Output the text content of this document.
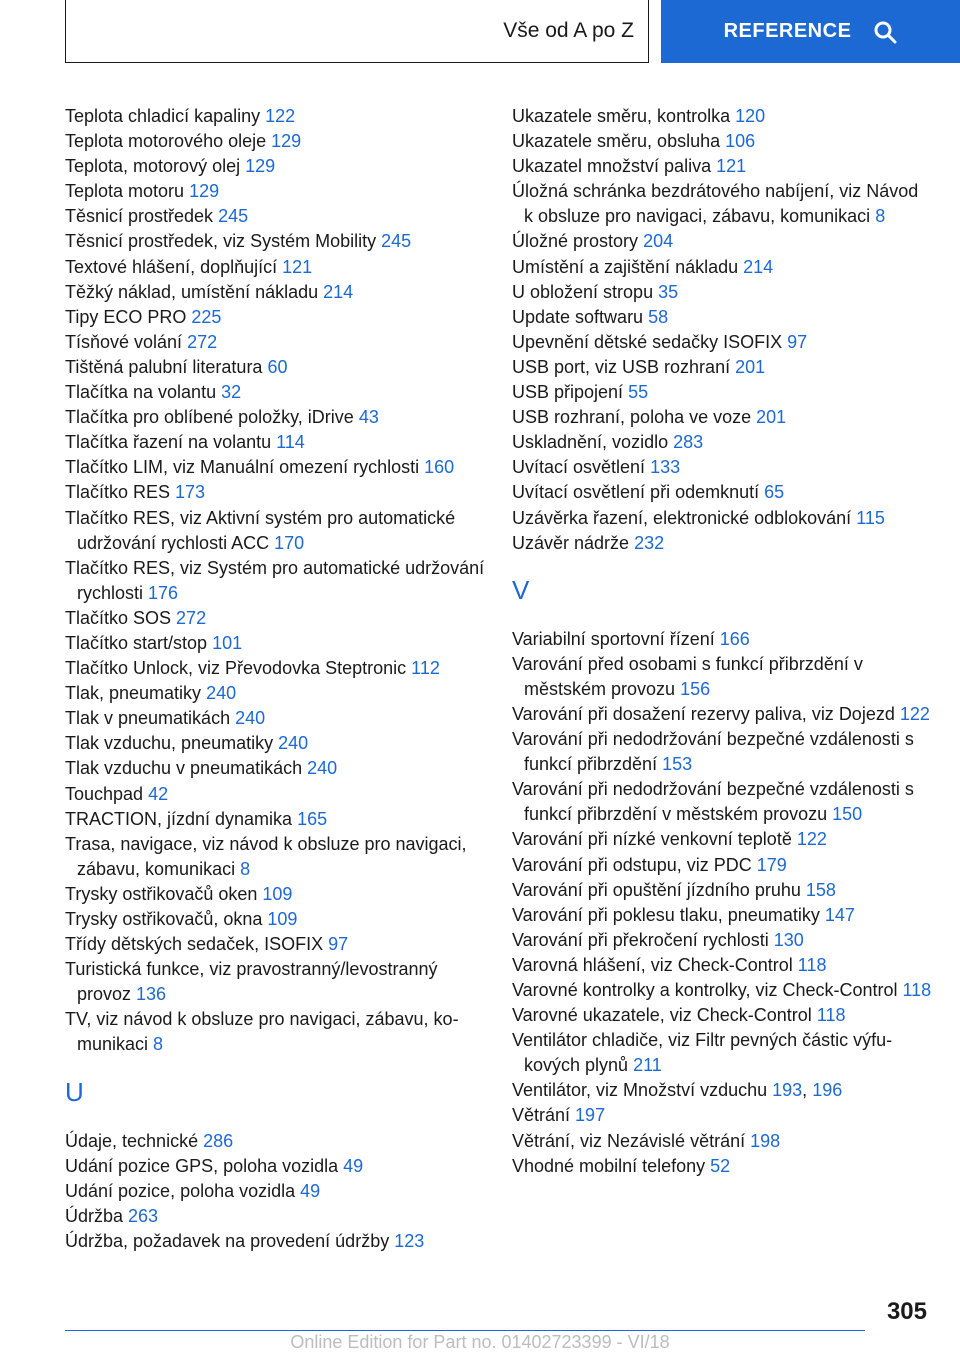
Vše od A po Z	REFERENCE
Teplota chladicí kapaliny 122
Teplota motorového oleje 129
Teplota, motorový olej 129
Teplota motoru 129
Těsnicí prostředek 245
Těsnicí prostředek, viz Systém Mobility 245
Textové hlášení, doplňující 121
Těžký náklad, umístění nákladu 214
Tipy ECO PRO 225
Tísňové volání 272
Tištěná palubní literatura 60
Tlačítka na volantu 32
Tlačítka pro oblíbené položky, iDrive 43
Tlačítka řazení na volantu 114
Tlačítko LIM, viz Manuální omezení rychlosti 160
Tlačítko RES 173
Tlačítko RES, viz Aktivní systém pro automatické udržování rychlosti ACC 170
Tlačítko RES, viz Systém pro automatické udržování rychlosti 176
Tlačítko SOS 272
Tlačítko start/stop 101
Tlačítko Unlock, viz Převodovka Steptronic 112
Tlak, pneumatiky 240
Tlak v pneumatikách 240
Tlak vzduchu, pneumatiky 240
Tlak vzduchu v pneumatikách 240
Touchpad 42
TRACTION, jízdní dynamika 165
Trasa, navigace, viz návod k obsluze pro navigaci, zábavu, komunikaci 8
Trysky ostřikovačů oken 109
Trysky ostřikovačů, okna 109
Třídy dětských sedaček, ISOFIX 97
Turistická funkce, viz pravostranný/levostranný provoz 136
TV, viz návod k obsluze pro navigaci, zábavu, komunikaci 8
U
Údaje, technické 286
Udání pozice GPS, poloha vozidla 49
Udání pozice, poloha vozidla 49
Údržba 263
Údržba, požadavek na provedení údržby 123
Ukazatele směru, kontrolka 120
Ukazatele směru, obsluha 106
Ukazatel množství paliva 121
Úložná schránka bezdrátového nabíjení, viz Návod k obsluze pro navigaci, zábavu, komunikaci 8
Úložné prostory 204
Umístění a zajištění nákladu 214
U obložení stropu 35
Update softwaru 58
Upevnění dětské sedačky ISOFIX 97
USB port, viz USB rozhraní 201
USB připojení 55
USB rozhraní, poloha ve voze 201
Uskladnění, vozidlo 283
Uvítací osvětlení 133
Uvítací osvětlení při odemknutí 65
Uzávěrka řazení, elektronické odblokování 115
Uzávěr nádrže 232
V
Variabilní sportovní řízení 166
Varování před osobami s funkcí přibrzdění v městském provozu 156
Varování při dosažení rezervy paliva, viz Dojezd 122
Varování při nedodržování bezpečné vzdálenosti s funkcí přibrzdění 153
Varování při nedodržování bezpečné vzdálenosti s funkcí přibrzdění v městském provozu 150
Varování při nízké venkovní teplotě 122
Varování při odstupu, viz PDC 179
Varování při opuštění jízdního pruhu 158
Varování při poklesu tlaku, pneumatiky 147
Varování při překročení rychlosti 130
Varovná hlášení, viz Check-Control 118
Varovné kontrolky a kontrolky, viz Check-Control 118
Varovné ukazatele, viz Check-Control 118
Ventilátor chladiče, viz Filtr pevných částic výfukových plynů 211
Ventilátor, viz Množství vzduchu 193, 196
Větrání 197
Větrání, viz Nezávislé větrání 198
Vhodné mobilní telefony 52
305
Online Edition for Part no. 01402723399 - VI/18
